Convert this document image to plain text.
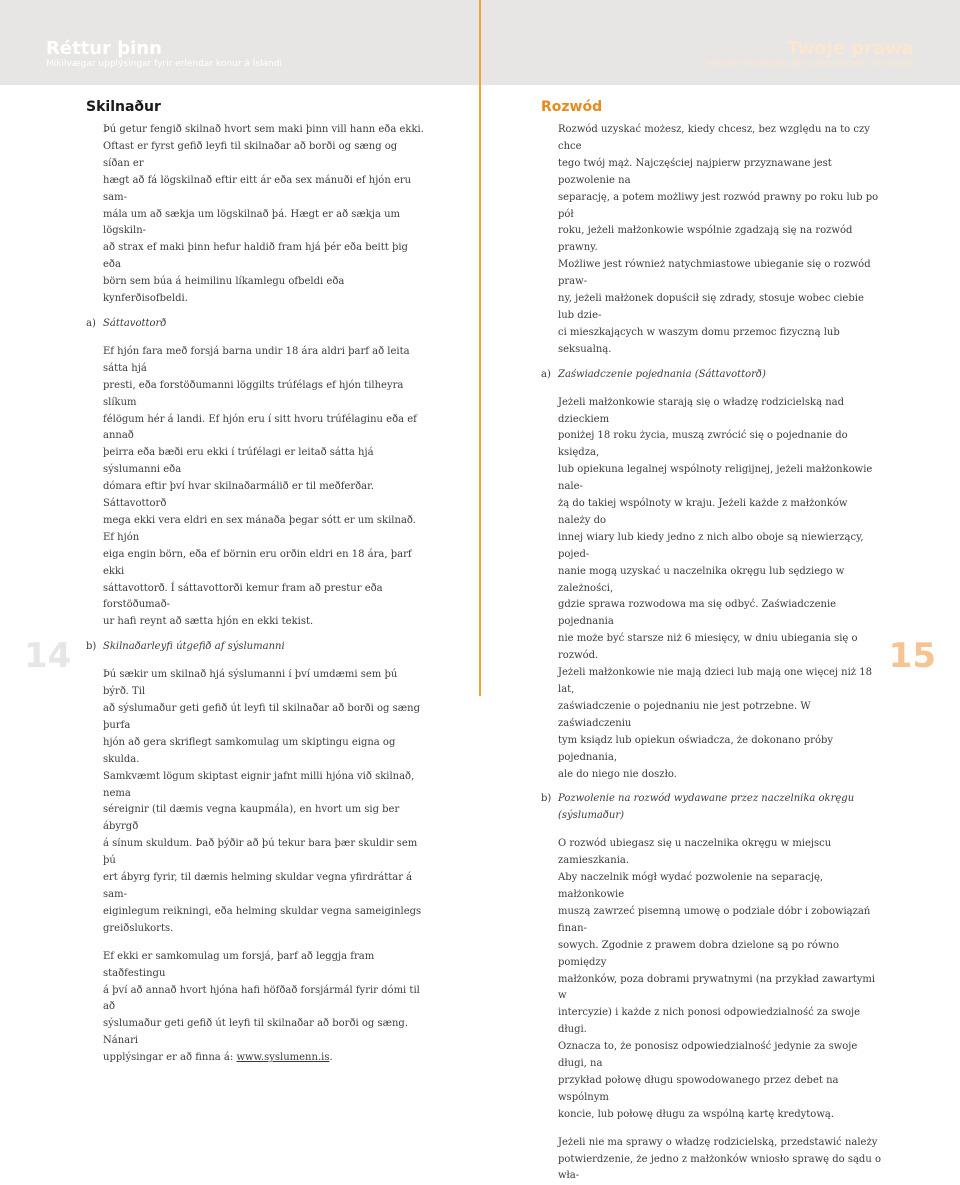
Réttur þinn
Mikilvægar upplýsingar fyrir erlendar konur á Íslandi
Twoje prawa
ważne informacje dla cudzoziemek na Islandii
Skilnaður	Rozwód

Þú getur fengið skilnað hvort sem maki þinn vill hann eða ekki.

Oftast er fyrst gefið leyfi til skilnaðar að borði og sæng og síðan er

hægt að fá lögskilnað eftir eitt ár eða sex mánuði ef hjón eru sam-

mála um að sækja um lögskilnað þá. Hægt er að sækja um lögskiln-

að strax ef maki þinn hefur haldið fram hjá þér eða beitt þig eða

börn sem búa á heimilinu líkamlegu ofbeldi eða kynferðisofbeldi.

a) Sáttavottorð

Ef hjón fara með forsjá barna undir 18 ára aldri þarf að leita sátta hjá

presti, eða forstöðumanni löggilts trúfélags ef hjón tilheyra slíkum

félögum hér á landi. Ef hjón eru í sitt hvoru trúfélaginu eða ef annað

þeirra eða bæði eru ekki í trúfélagi er leitað sátta hjá sýslumanni eða

dómara eftir því hvar skilnaðarmálið er til meðferðar. Sáttavottorð

mega ekki vera eldri en sex mánaða þegar sótt er um skilnað. Ef hjón

eiga engin börn, eða ef börnin eru orðin eldri en 18 ára, þarf ekki

sáttavottorð. Í sáttavottorði kemur fram að prestur eða forstöðumað-

ur hafi reynt að sætta hjón en ekki tekist.

b) Skilnaðarleyfi útgefið af sýslumanni

Þú sækir um skilnað hjá sýslumanni í því umdæmi sem þú býrð. Til

að sýslumaður geti gefið út leyfi til skilnaðar að borði og sæng þurfa

hjón að gera skriflegt samkomulag um skiptingu eigna og skulda.

Samkvæmt lögum skiptast eignir jafnt milli hjóna við skilnað, nema

séreignir (til dæmis vegna kaupmála), en hvort um sig ber ábyrgð

á sínum skuldum. Það þýðir að þú tekur bara þær skuldir sem þú

ert ábyrg fyrir, til dæmis helming skuldar vegna yfirdráttar á sam-

eiginlegum reikningi, eða helming skuldar vegna sameiginlegs

greiðslukorts.

Ef ekki er samkomulag um forsjá, þarf að leggja fram staðfestingu

á því að annað hvort hjóna hafi höfðað forsjármál fyrir dómi til að

sýslumaður geti gefið út leyfi til skilnaðar að borði og sæng. Nánari

upplýsingar er að finna á: www.syslumenn.is.

Rozwód uzyskać możesz, kiedy chcesz, bez względu na to czy chce

tego twój mąż. Najczęściej najpierw przyznawane jest pozwolenie na

separację, a potem możliwy jest rozwód prawny po roku lub po pół

roku, jeżeli małżonkowie wspólnie zgadzają się na rozwód prawny.

Możliwe jest również natychmiastowe ubieganie się o rozwód praw-

ny, jeżeli małżonek dopuścił się zdrady, stosuje wobec ciebie lub dzie-

ci mieszkających w waszym domu przemoc fizyczną lub seksualną.

a) Zaświadczenie pojednania (Sáttavottorð)

Jeżeli małżonkowie starają się o władzę rodzicielską nad dzieckiem

poniżej 18 roku życia, muszą zwrócić się o pojednanie do księdza,

lub opiekuna legalnej wspólnoty religijnej, jeżeli małżonkowie nale-

żą do takiej wspólnoty w kraju. Jeżeli każde z małżonków należy do

innej wiary lub kiedy jedno z nich albo oboje są niewierzący, pojed-

nanie mogą uzyskać u naczelnika okręgu lub sędziego w zależności,

gdzie sprawa rozwodowa ma się odbyć. Zaświadczenie pojednania

nie może być starsze niż 6 miesięcy, w dniu ubiegania się o rozwód.

Jeżeli małżonkowie nie mają dzieci lub mają one więcej niż 18 lat,

zaświadczenie o pojednaniu nie jest potrzebne. W zaświadczeniu

tym ksiądz lub opiekun oświadcza, że dokonano próby pojednania,

ale do niego nie doszło.

b) Pozwolenie na rozwód wydawane przez naczelnika okręgu
(sýslumaður)

O rozwód ubiegasz się u naczelnika okręgu w miejscu zamieszkania.

Aby naczelnik mógł wydać pozwolenie na separację, małżonkowie

muszą zawrzeć pisemną umowę o podziale dóbr i zobowiązań finan-

sowych. Zgodnie z prawem dobra dzielone są po równo pomiędzy

małżonków, poza dobrami prywatnymi (na przykład zawartymi w

intercyzie) i każde z nich ponosi odpowiedzialność za swoje długi.

Oznacza to, że ponosisz odpowiedzialność jedynie za swoje długi, na

przykład połowę długu spowodowanego przez debet na wspólnym

koncie, lub połowę długu za wspólną kartę kredytową.

Jeżeli nie ma sprawy o władzę rodzicielską, przedstawić należy

potwierdzenie, że jedno z małżonków wniosło sprawę do sądu o wła-

14	15
